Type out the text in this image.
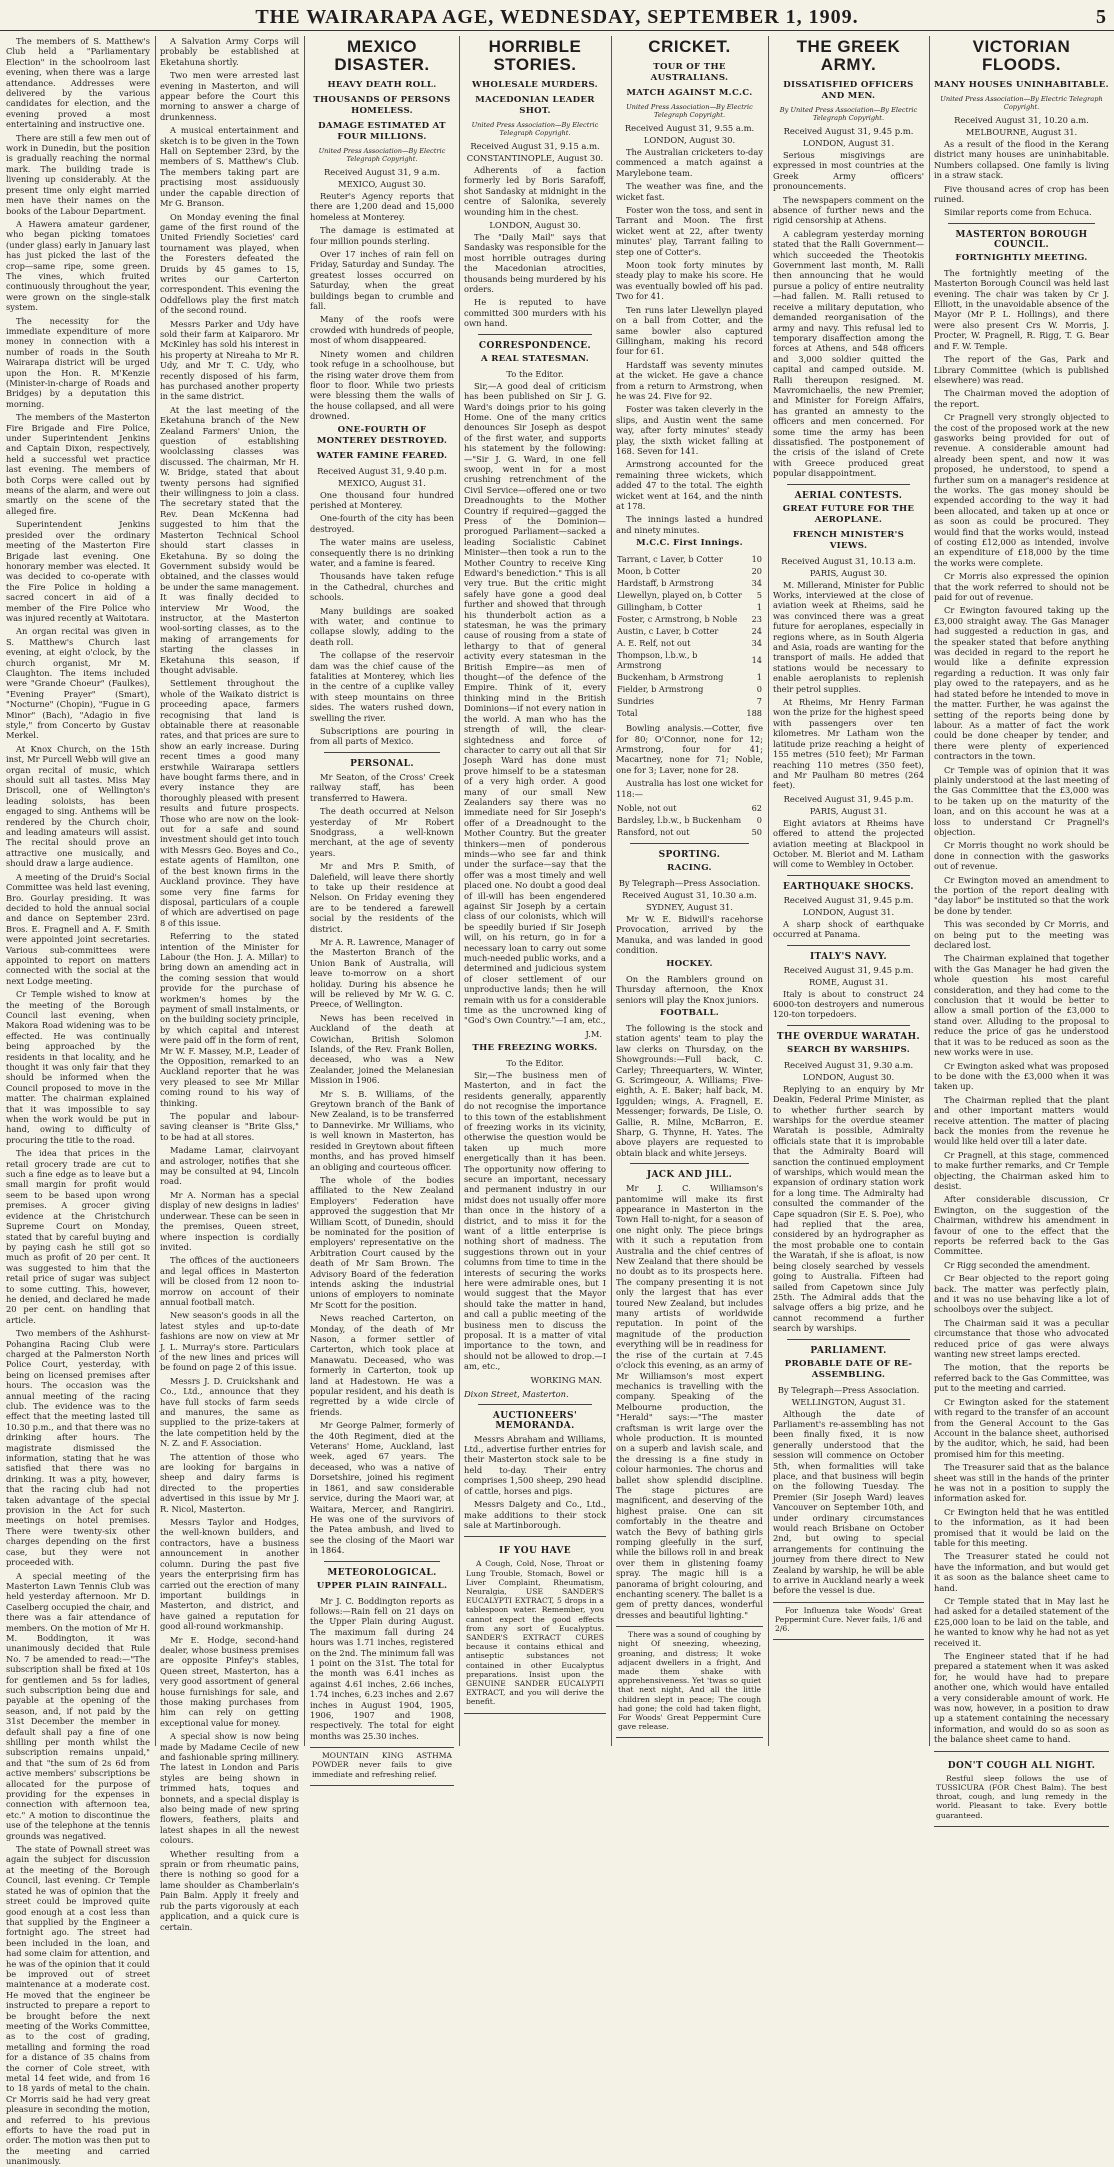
THE WAIRARAPA AGE, WEDNESDAY, SEPTEMBER 1, 1909.	5

The members of S. Matthew's Club held a "Parliamentary Election" in the schoolroom last evening, when there was a large attendance. Addresses were delivered by the various candidates for election, and the evening proved a most entertaining and instructive one.

There are still a few men out of work in Dunedin, but the position is gradually reaching the normal mark. The building trade is livening up considerably. At the present time only eight married men have their names on the books of the Labour Department.

A Hawera amateur gardener, who began picking tomatoes (under glass) early in January last has just picked the last of the crop—same ripe, some green. The vines, which fruited continuously throughout the year, were grown on the single-stalk system.

The necessity for the immediate expenditure of more money in connection with a number of roads in the South Wairarapa district will be urged upon the Hon. R. M'Kenzie (Minister-in-charge of Roads and Bridges) by a deputation this morning.

The members of the Masterton Fire Brigade and Fire Police, under Superintendent Jenkins and Captain Dixon, respectively, held a successful wet practice last evening. The members of both Corps were called out by means of the alarm, and were out smartly on the scene of the alleged fire.

Superintendent Jenkins presided over the ordinary meeting of the Masterton Fire Brigade last evening. One honorary member was elected. It was decided to co-operate with the Fire Police in holding a sacred concert in aid of a member of the Fire Police who was injured recently at Waitotara.

An organ recital was given in S. Matthew's Church last evening, at eight o'clock, by the church organist, Mr M. Claughton. The items included were "Grande Choeur" (Faulkes), "Evening Prayer" (Smart), "Nocturne" (Chopin), "Fugue in G Minor" (Bach), "Adagio in five style," from Concerto by Gustav Merkel.

At Knox Church, on the 15th inst, Mr Purcell Webb will give an organ recital of music, which should suit all tastes. Miss May Driscoll, one of Wellington's leading soloists, has been engaged to sing. Anthems will be rendered by the Church choir, and leading amateurs will assist. The recital should prove an attractive one musically, and should draw a large audience.

A meeting of the Druid's Social Committee was held last evening, Bro. Gourlay presiding. It was decided to hold the annual social and dance on September 23rd. Bros. E. Fragnell and A. F. Smith were appointed joint secretaries. Various sub-committees were appointed to report on matters connected with the social at the next Lodge meeting.

Cr Temple wished to know at the meeting of the Borough Council last evening, when Makora Road widening was to be effected. He was continually being approached by the residents in that locality, and he thought it was only fair that they should be informed when the Council proposed to move in the matter. The chairman explained that it was impossible to say when the work would be put in hand, owing to difficulty of procuring the title to the road.

The idea that prices in the retail grocery trade are cut to such a fine edge as to leave but a small margin for profit would seem to be based upon wrong premises. A grocer giving evidence at the Christchurch Supreme Court on Monday, stated that by careful buying and by paying cash he still got so much as profit of 20 per cent. It was suggested to him that the retail price of sugar was subject to some cutting. This, however, he denied, and declared he made 20 per cent. on handling that article.

Two members of the Ashhurst-Pohangina Racing Club were charged at the Palmerston North Police Court, yesterday, with being on licensed premises after hours. The occasion was the annual meeting of the racing club. The evidence was to the effect that the meeting lasted till 10.30 p.m., and that there was no drinking after hours. The magistrate dismissed the information, stating that he was satisfied that there was no drinking. It was a pity, however, that the racing club had not taken advantage of the special provision in the Act for such meetings on hotel premises. There were twenty-six other charges depending on the first case, but they were not proceeded with.

A special meeting of the Masterton Lawn Tennis Club was held yesterday afternoon. Mr D. Caselberg occupied the chair, and there was a fair attendance of members. On the motion of Mr H. M. Boddington, it was unanimously decided that Rule No. 7 be amended to read:—"The subscription shall be fixed at 10s for gentlemen and 5s for ladies, such subscription being due and payable at the opening of the season, and, if not paid by the 31st December the member in default shall pay a fine of one shilling per month whilst the subscription remains unpaid," and that "the sum of 2s 6d from active members' subscriptions be allocated for the purpose of providing for the expenses in connection with afternoon tea, etc." A motion to discontinue the use of the telephone at the tennis grounds was negatived.

The state of Pownall street was again the subject for discussion at the meeting of the Borough Council, last evening. Cr Temple stated he was of opinion that the street could be improved quite good enough at a cost less than that supplied by the Engineer a fortnight ago. The street had been included in the loan, and had some claim for attention, and he was of the opinion that it could be improved out of street maintenance at a moderate cost. He moved that the engineer be instructed to prepare a report to be brought before the next meeting of the Works Committee, as to the cost of grading, metalling and forming the road for a distance of 35 chains from the corner of Cole street, with metal 14 feet wide, and from 16 to 18 yards of metal to the chain. Cr Morris said he had very great pleasure in seconding the motion, and referred to his previous efforts to have the road put in order. The motion was then put to the meeting and carried unanimously.

A Salvation Army Corps will probably be established at Eketahuna shortly.

Two men were arrested last evening in Masterton, and will appear before the Court this morning to answer a charge of drunkenness.

A musical entertainment and sketch is to be given in the Town Hall on September 23rd, by the members of S. Matthew's Club. The members taking part are practising most assiduously under the capable direction of Mr G. Branson.

On Monday evening the final game of the first round of the United Friendly Societies' card tournament was played, when the Foresters defeated the Druids by 45 games to 15, writes our Carterton correspondent. This evening the Oddfellows play the first match of the second round.

Messrs Parker and Udy have sold their farm at Kaiparoro. Mr McKinley has sold his interest in his property at Nireaha to Mr R. Udy, and Mr T. C. Udy, who recently disposed of his farm, has purchased another property in the same district.

At the last meeting of the Eketahuna branch of the New Zealand Farmers' Union, the question of establishing woolclassing classes was discussed. The chairman, Mr H. W. Bridge, stated that about twenty persons had signified their willingness to join a class. The secretary stated that the Rev. Dean McKenna had suggested to him that the Masterton Technical School should start classes in Eketahuna. By so doing the Government subsidy would be obtained, and the classes would be under the same management. It was finally decided to interview Mr Wood, the instructor, at the Masterton wool-sorting classes, as to the making of arrangements for starting the classes in Eketahuna this season, if thought advisable.

Settlement throughout the whole of the Waikato district is proceeding apace, farmers recognising that land is obtainable there at reasonable rates, and that prices are sure to show an early increase. During recent times a good many erstwhile Wairarapa settlers have bought farms there, and in every instance they are thoroughly pleased with present results and future prospects. Those who are now on the look-out for a safe and sound investment should get into touch with Messrs Geo. Boyes and Co., estate agents of Hamilton, one of the best known firms in the Auckland province. They have some very fine farms for disposal, particulars of a couple of which are advertised on page 8 of this issue.

Referring to the stated intention of the Minister for Labour (the Hon. J. A. Millar) to bring down an amending act in the coming session that would provide for the purchase of workmen's homes by the payment of small instalments, or on the building society principle, by which capital and interest were paid off in the form of rent, Mr W. F. Massey, M.P., Leader of the Opposition, remarked to an Auckland reporter that he was very pleased to see Mr Millar coming round to his way of thinking.

The popular and labour-saving cleanser is "Brite Glss," to be had at all stores.

Madame Lamar, clairvoyant and astrologer, notifies that she may be consulted at 94, Lincoln road.

Mr A. Norman has a special display of new designs in ladies' underwear. These can be seen in the premises, Queen street, where inspection is cordially invited.

The offices of the auctioneers and legal offices in Masterton will be closed from 12 noon to-morrow on account of their annual football match.

New season's goods in all the latest styles and up-to-date fashions are now on view at Mr J. L. Murray's store. Particulars of the new lines and prices will be found on page 2 of this issue.

Messrs J. D. Cruickshank and Co., Ltd., announce that they have full stocks of farm seeds and manures, the same as supplied to the prize-takers at the late competition held by the N. Z. and F. Association.

The attention of those who are looking for bargains in sheep and dairy farms is directed to the properties advertised in this issue by Mr J. R. Nicol, Masterton.

Messrs Taylor and Hodges, the well-known builders, and contractors, have a business announcement in another column. During the past five years the enterprising firm has carried out the erection of many important buildings in Masterton, and district, and have gained a reputation for good all-round workmanship.

Mr E. Hodge, second-hand dealer, whose business premises are opposite Pinfey's stables, Queen street, Masterton, has a very good assortment of general house furnishings for sale, and those making purchases from him can rely on getting exceptional value for money.

A special show is now being made by Madame Cecile of new and fashionable spring millinery. The latest in London and Paris styles are being shown in trimmed hats, toques and bonnets, and a special display is also being made of new spring flowers, feathers, plaits and latest shapes in all the newest colours.

Whether resulting from a sprain or from rheumatic pains, there is nothing so good for a lame shoulder as Chamberlain's Pain Balm. Apply it freely and rub the parts vigorously at each application, and a quick cure is certain.

MEXICO DISASTER.
HEAVY DEATH ROLL.
THOUSANDS OF PERSONS HOMELESS.
DAMAGE ESTIMATED AT FOUR MILLIONS.
United Press Association—By Electric Telegraph Copyright.
Received August 31, 9 a.m.
MEXICO, August 30.

Reuter's Agency reports that there are 1,200 dead and 15,000 homeless at Monterey.

The damage is estimated at four million pounds sterling.

Over 17 inches of rain fell on Friday, Saturday and Sunday. The greatest losses occurred on Saturday, when the great buildings began to crumble and fall.

Many of the roofs were crowded with hundreds of people, most of whom disappeared.

Ninety women and children took refuge in a schoolhouse, but the rising water drove them from floor to floor. While two priests were blessing them the walls of the house collapsed, and all were drowned.

ONE-FOURTH OF MONTEREY DESTROYED.
WATER FAMINE FEARED.
Received August 31, 9.40 p.m.
MEXICO, August 31.

One thousand four hundred perished at Monterey.

One-fourth of the city has been destroyed.

The water mains are useless, consequently there is no drinking water, and a famine is feared.

Thousands have taken refuge in the Cathedral, churches and schools.

Many buildings are soaked with water, and continue to collapse slowly, adding to the death roll.

The collapse of the reservoir dam was the chief cause of the fatalities at Monterey, which lies in the centre of a cuplike valley with steep mountains on three sides. The waters rushed down, swelling the river.

Subscriptions are pouring in from all parts of Mexico.

PERSONAL.

Mr Seaton, of the Cross' Creek railway staff, has been transferred to Hawera.

The death occurred at Nelson yesterday of Mr Robert Snodgrass, a well-known merchant, at the age of seventy years.

Mr and Mrs P. Smith, of Dalefield, will leave there shortly to take up their residence at Nelson. On Friday evening they are to be tendered a farewell social by the residents of the district.

Mr A. R. Lawrence, Manager of the Masterton Branch of the Union Bank of Australia, will leave to-morrow on a short holiday. During his absence he will be relieved by Mr W. G. C. Preece, of Wellington.

News has been received in Auckland of the death at Cowichan, British Solomon Islands, of the Rev. Frank Bollen, deceased, who was a New Zealander, joined the Melanesian Mission in 1906.

Mr S. B. Williams, of the Greytown branch of the Bank of New Zealand, is to be transferred to Dannevirke. Mr Williams, who is well known in Masterton, has resided in Greytown about fifteen months, and has proved himself an obliging and courteous officer.

The whole of the bodies affiliated to the New Zealand Employers' Federation have approved the suggestion that Mr William Scott, of Dunedin, should be nominated for the position of employers' representative on the Arbitration Court caused by the death of Mr Sam Brown. The Advisory Board of the federation intends asking the industrial unions of employers to nominate Mr Scott for the position.

News reached Carterton, on Monday, of the death of Mr Nason, a former settler of Carterton, which took place at Manawatu. Deceased, who was formerly in Carterton, took up land at Hadestown. He was a popular resident, and his death is regretted by a wide circle of friends.

Mr George Palmer, formerly of the 40th Regiment, died at the Veterans' Home, Auckland, last week, aged 67 years. The deceased, who was a native of Dorsetshire, joined his regiment in 1861, and saw considerable service, during the Maori war, at Waitara, Mercer, and Rangiriri. He was one of the survivors of the Patea ambush, and lived to see the closing of the Maori war in 1864.

METEOROLOGICAL.
UPPER PLAIN RAINFALL.

Mr J. C. Boddington reports as follows:—Rain fell on 21 days on the Upper Plain during August. The maximum fall during 24 hours was 1.71 inches, registered on the 2nd. The minimum fall was 1 point on the 31st. The total for the month was 6.41 inches as against 4.61 inches, 2.66 inches, 1.74 inches, 6.23 inches and 2.67 inches in August 1904, 1905, 1906, 1907 and 1908, respectively. The total for eight months was 25.30 inches.

MOUNTAIN KING ASTHMA POWDER never fails to give immediate and refreshing relief.

HORRIBLE STORIES.
WHOLESALE MURDERS.
MACEDONIAN LEADER SHOT.
United Press Association—By Electric Telegraph Copyright.
Received August 31, 9.15 a.m.
CONSTANTINOPLE, August 30.

Adherents of a faction formerly led by Boris Sarafoff, shot Sandasky at midnight in the centre of Salonika, severely wounding him in the chest.

LONDON, August 30.

The "Daily Mail" says that Sandasky was responsible for the most horrible outrages during the Macedonian atrocities, thousands being murdered by his orders.

He is reputed to have committed 300 murders with his own hand.

CORRESPONDENCE.
A REAL STATESMAN.
To the Editor.

Sir,—A good deal of criticism has been published on Sir J. G. Ward's doings prior to his going Home. One of the many critics denounces Sir Joseph as despot of the first water, and supports his statement by the following:—"Sir J. G. Ward, in one fell swoop, went in for a most crushing retrenchment of the Civil Service—offered one or two Dreadnoughts to the Mother Country if required—gagged the Press of the Dominion—prorogued Parliament—sacked a leading Socialistic Cabinet Minister—then took a run to the Mother Country to receive King Edward's benediction." This is all very true. But the critic might safely have gone a good deal further and showed that through his thunderbolt action as a statesman, he was the primary cause of rousing from a state of lethargy to that of general activity every statesman in the British Empire—as men of thought—of the defence of the Empire. Think of it, every thinking mind in the British Dominions—if not every nation in the world. A man who has the strength of will, the clear-sightedness and force of character to carry out all that Sir Joseph Ward has done must prove himself to be a statesman of a very high order. A good many of our small New Zealanders say there was no immediate need for Sir Joseph's offer of a Dreadnought to the Mother Country. But the greater thinkers—men of ponderous minds—who see far and think under the surface—say that the offer was a most timely and well placed one. No doubt a good deal of ill-will has been engendered against Sir Joseph by a certain class of our colonists, which will be speedily buried if Sir Joseph will, on his return, go in for a necessary loan to carry out some much-needed public works, and a determined and judicious system of closer settlement of our unproductive lands; then he will remain with us for a considerable time as the uncrowned king of "God's Own Country."—I am, etc.,

J.M.
THE FREEZING WORKS.
To the Editor.

Sir,—The business men of Masterton, and in fact the residents generally, apparently do not recognise the importance to this town of the establishment of freezing works in its vicinity, otherwise the question would be taken up much more energetically than it has been. The opportunity now offering to secure an important, necessary and permanent industry in our midst does not usually offer more than once in the history of a district, and to miss it for the want of a little enterprise is nothing short of madness. The suggestions thrown out in your columns from time to time in the interests of securing the works here were admirable ones, but I would suggest that the Mayor should take the matter in hand, and call a public meeting of the business men to discuss the proposal. It is a matter of vital importance to the town, and should not be allowed to drop.—I am, etc.,

WORKING MAN.
Dixon Street, Masterton.
AUCTIONEERS' MEMORANDA.

Messrs Abraham and Williams, Ltd., advertise further entries for their Masterton stock sale to be held to-day. Their entry comprises 1,500 sheep, 290 head of cattle, horses and pigs.

Messrs Dalgety and Co., Ltd., make additions to their stock sale at Martinborough.

IF YOU HAVE

A Cough, Cold, Nose, Throat or Lung Trouble, Stomach, Bowel or Liver Complaint, Rheumatism, Neuralgia, USE SANDER'S EUCALYPTI EXTRACT, 5 drops in a tablespoon water. Remember, you cannot expect the good effects from any sort of Eucalyptus. SANDER'S EXTRACT CURES because it contains ethical and antiseptic substances not contained in other Eucalyptus preparations. Insist upon the GENUINE SANDER EUCALYPTI EXTRACT, and you will derive the benefit.

CRICKET.
TOUR OF THE AUSTRALIANS.
MATCH AGAINST M.C.C.
United Press Association—By Electric Telegraph Copyright.
Received August 31, 9.55 a.m.
LONDON, August 30.

The Australian cricketers to-day commenced a match against a Marylebone team.

The weather was fine, and the wicket fast.

Foster won the toss, and sent in Tarrant and Moon. The first wicket went at 22, after twenty minutes' play, Tarrant failing to step one of Cotter's.

Moon took forty minutes by steady play to make his score. He was eventually bowled off his pad. Two for 41.

Ten runs later Llewellyn played on a ball from Cotter, and the same bowler also captured Gillingham, making his record four for 61.

Hardstaff was seventy minutes at the wicket. He gave a chance from a return to Armstrong, when he was 24. Five for 92.

Foster was taken cleverly in the slips, and Austin went the same way, after forty minutes' steady play, the sixth wicket falling at 168. Seven for 141.

Armstrong accounted for the remaining three wickets, which added 47 to the total. The eighth wicket went at 164, and the ninth at 178.

The innings lasted a hundred and ninety minutes.

M.C.C. First Innings.
Tarrant, c Laver, b Cotter	10
Moon, b Cotter	20
Hardstaff, b Armstrong	34
Llewellyn, played on, b Cotter	5
Gillingham, b Cotter	1
Foster, c Armstrong, b Noble	23
Austin, c Laver, b Cotter	24
A. E. Relf, not out	34
Thompson, l.b.w., b Armstrong	14
Buckenham, b Armstrong	1
Fielder, b Armstrong	0
Sundries	7
Total	188

Bowling analysis.—Cotter, five for 80; O'Connor, none for 12; Armstrong, four for 41; Macartney, none for 71; Noble, one for 3; Laver, none for 28.

Australia has lost one wicket for 118:—

Noble, not out	62
Bardsley, l.b.w., b Buckenham	0
Ransford, not out	50
SPORTING.
RACING.
By Telegraph—Press Association.
Received August 31, 10.30 a.m.
SYDNEY, August 31.

Mr W. E. Bidwill's racehorse Provocation, arrived by the Manuka, and was landed in good condition.

HOCKEY.

On the Ramblers ground on Thursday afternoon, the Knox seniors will play the Knox juniors.

FOOTBALL.

The following is the stock and station agents' team to play the law clerks on Thursday, on the Showgrounds:—Full back, C. Carley; Threequarters, W. Winter, G. Scrimgeour, A. Williams; Five-eighth, A. E. Baker; half back, M. Iggulden; wings, A. Fragnell, E. Messenger; forwards, De Lisle, O. Gallie, R. Milne, McBarron, E. Sharp, G. Thynne, H. Yates. The above players are requested to obtain black and white jerseys.

JACK AND JILL.

Mr J. C. Williamson's pantomime will make its first appearance in Masterton in the Town Hall to-night, for a season of one night only. The piece brings with it such a reputation from Australia and the chief centres of New Zealand that there should be no doubt as to its prospects here. The company presenting it is not only the largest that has ever toured New Zealand, but includes many artists of worldwide reputation. In point of the magnitude of the production everything will be in readiness for the rise of the curtain at 7.45 o'clock this evening, as an army of Mr Williamson's most expert mechanics is travelling with the company. Speaking of the Melbourne production, the "Herald" says:—"The master craftsman is writ large over the whole production. It is mounted on a superb and lavish scale, and the dressing is a fine study in colour harmonies. The chorus and ballet show splendid discipline. The stage pictures are magnificent, and deserving of the highest praise. One can sit comfortably in the theatre and watch the Bevy of bathing girls romping gleefully in the surf, while the billows roll in and break over them in glistening foamy spray. The magic hill is a panorama of bright colouring, and enchanting scenery. The ballet is a gem of pretty dances, wonderful dresses and beautiful lighting."

There was a sound of coughing by night Of sneezing, wheezing, groaning, and distress; It woke adjacent dwellers in a fright, And made them shake with apprehensiveness. Yet 'twas so quiet that next night, And all the little children slept in peace; The cough had gone; the cold had taken flight, For Woods' Great Peppermint Cure gave release.

THE GREEK ARMY.
DISSATISFIED OFFICERS AND MEN.
By United Press Association—By Electric Telegraph Copyright.
Received August 31, 9.45 p.m.
LONDON, August 31.

Serious misgivings are expressed in most countries at the Greek Army officers' pronouncements.

The newspapers comment on the absence of further news and the rigid censorship at Athens.

A cablegram yesterday morning stated that the Ralli Government—which succeeded the Theotokis Government last month, M. Ralli then announcing that he would pursue a policy of entire neutrality—had fallen. M. Ralli retused to receive a military deputation, who demanded reorganisation of the army and navy. This refusal led to temporary disaffection among the forces at Athens, and 548 officers and 3,000 soldier quitted the capital and camped outside. M. Ralli thereupon resigned. M. Mavromichaelis, the new Premier, and Minister for Foreign Affairs, has granted an amnesty to the officers and men concerned. For some time the army has been dissatisfied. The postponement of the crisis of the island of Crete with Greece produced great popular disappointment.

AERIAL CONTESTS.
GREAT FUTURE FOR THE AEROPLANE.
FRENCH MINISTER'S VIEWS.
Received August 31, 10.13 a.m.
PARIS, August 30.

M. Millerand, Minister for Public Works, interviewed at the close of aviation week at Rheims, said he was convinced there was a great future for aeroplanes, especially in regions where, as in South Algeria and Asia, roads are wanting for the transport of mails. He added that stations would be necessary to enable aeroplanists to replenish their petrol supplies.

At Rheims, Mr Henry Farman won the prize for the highest speed with passengers over ten kilometres. Mr Latham won the latitude prize reaching a height of 155 metres (510 feet); Mr Farman reaching 110 metres (350 feet), and Mr Paulham 80 metres (264 feet).

Received August 31, 9.45 p.m.
PARIS, August 31.

Eight aviators at Rheims have offered to attend the projected aviation meeting at Blackpool in October. M. Bleriot and M. Latham will come to Wembley in October.

EARTHQUAKE SHOCKS.
Received August 31, 9.45 p.m.
LONDON, August 31.

A sharp shock of earthquake occurred at Panama.

ITALY'S NAVY.
Received August 31, 9.45 p.m.
ROME, August 31.

Italy is about to construct 24 6000-ton destroyers and numerous 120-ton torpedoers.

THE OVERDUE WARATAH.
SEARCH BY WARSHIPS.
Received August 31, 9.30 a.m.
LONDON, August 30.

Replying to an enquiry by Mr Deakin, Federal Prime Minister, as to whether further search by warships for the overdue steamer Waratah is possible, Admiralty officials state that it is improbable that the Admiralty Board will sanction the continued employment of warships, which would mean the expansion of ordinary station work for a long time. The Admiralty had consulted the commander of the Cape squadron (Sir E. S. Poe), who had replied that the area, considered by an hydrographer as the most probable one to contain the Waratah, if she is afloat, is now being closely searched by vessels going to Australia. Fifteen had sailed from Capetown since July 25th. The Admiral adds that the salvage offers a big prize, and he cannot recommend a further search by warships.

PARLIAMENT.
PROBABLE DATE OF RE-ASSEMBLING.
By Telegraph—Press Association.
WELLINGTON, August 31.

Although the date of Parliament's re-assembling has not been finally fixed, it is now generally understood that the session will commence on October 5th, when formalities will take place, and that business will begin on the following Tuesday. The Premier (Sir Joseph Ward) leaves Vancouver on September 10th, and under ordinary circumstances would reach Brisbane on October 2nd, but owing to special arrangements for continuing the journey from there direct to New Zealand by warship, he will be able to arrive in Auckland nearly a week before the vessel is due.

For Influenza take Woods' Great Peppermint Cure. Never fails, 1/6 and 2/6.

VICTORIAN FLOODS.
MANY HOUSES UNINHABITABLE.
United Press Association—By Electric Telegraph Copyright.
Received August 31, 10.20 a.m.
MELBOURNE, August 31.

As a result of the flood in the Kerang district many houses are uninhabitable. Numbers collapsed. One family is living in a straw stack.

Five thousand acres of crop has been ruined.

Similar reports come from Echuca.

MASTERTON BOROUGH COUNCIL.
FORTNIGHTLY MEETING.

The fortnightly meeting of the Masterton Borough Council was held last evening. The chair was taken by Cr J. Elliott, in the unavoidable absence of the Mayor (Mr P. L. Hollings), and there were also present Crs W. Morris, J. Procter, W. Pragnell, R. Rigg, T. G. Bear and F. W. Temple.

The report of the Gas, Park and Library Committee (which is published elsewhere) was read.

The Chairman moved the adoption of the report.

Cr Pragnell very strongly objected to the cost of the proposed work at the new gasworks being provided for out of revenue. A considerable amount had already been spent, and now it was proposed, he understood, to spend a further sum on a manager's residence at the works. The gas money should be expended according to the way it had been allocated, and taken up at once or as soon as could be procured. They would find that the works would, instead of costing £12,000 as intended, involve an expenditure of £18,000 by the time the works were complete.

Cr Morris also expressed the opinion that the work referred to should not be paid for out of revenue.

Cr Ewington favoured taking up the £3,000 straight away. The Gas Manager had suggested a reduction in gas, and the speaker stated that before anything was decided in regard to the report he would like a definite expression regarding a reduction. It was only fair play owed to the ratepayers, and as he had stated before he intended to move in the matter. Further, he was against the setting of the reports being done by labour. As a matter of fact the work could be done cheaper by tender, and there were plenty of experienced contractors in the town.

Cr Temple was of opinion that it was plainly understood at the last meeting of the Gas Committee that the £3,000 was to be taken up on the maturity of the loan, and on this account he was at a loss to understand Cr Pragnell's objection.

Cr Morris thought no work should be done in connection with the gasworks out of revenue.

Cr Ewington moved an amendment to the portion of the report dealing with "day labor" be instituted so that the work be done by tender.

This was seconded by Cr Morris, and on being put to the meeting was declared lost.

The Chairman explained that together with the Gas Manager he had given the whole question his most careful consideration, and they had come to the conclusion that it would be better to allow a small portion of the £3,000 to stand over. Alluding to the proposal to reduce the price of gas he understood that it was to be reduced as soon as the new works were in use.

Cr Ewington asked what was proposed to be done with the £3,000 when it was taken up.

The Chairman replied that the plant and other important matters would receive attention. The matter of placing back the monies from the revenue he would like held over till a later date.

Cr Pragnell, at this stage, commenced to make further remarks, and Cr Temple objecting, the Chairman asked him to desist.

After considerable discussion, Cr Ewington, on the suggestion of the Chairman, withdrew his amendment in favour of one to the effect that the reports be referred back to the Gas Committee.

Cr Rigg seconded the amendment.

Cr Bear objected to the report going back. The matter was perfectly plain, and it was no use behaving like a lot of schoolboys over the subject.

The Chairman said it was a peculiar circumstance that those who advocated reduced price of gas were always wanting new street lamps erected.

The motion, that the reports be referred back to the Gas Committee, was put to the meeting and carried.

Cr Ewington asked for the statement with regard to the transfer of an account from the General Account to the Gas Account in the balance sheet, authorised by the auditor, which, he said, had been promised him for this meeting.

The Treasurer said that as the balance sheet was still in the hands of the printer he was not in a position to supply the information asked for.

Cr Ewington held that he was entitled to the information, as it had been promised that it would be laid on the table for this meeting.

The Treasurer stated he could not have the information, and but would get it as soon as the balance sheet came to hand.

Cr Temple stated that in May last he had asked for a detailed statement of the £25,000 loan to be laid on the table, and he wanted to know why he had not as yet received it.

The Engineer stated that if he had prepared a statement when it was asked for, he would have had to prepare another one, which would have entailed a very considerable amount of work. He was now, however, in a position to draw up a statement containing the necessary information, and would do so as soon as the balance sheet came to hand.

DON'T COUGH ALL NIGHT.

Restful sleep follows the use of TUSSICURA (FOR Chest Balm). The best throat, cough, and lung remedy in the world. Pleasant to take. Every bottle guaranteed.
